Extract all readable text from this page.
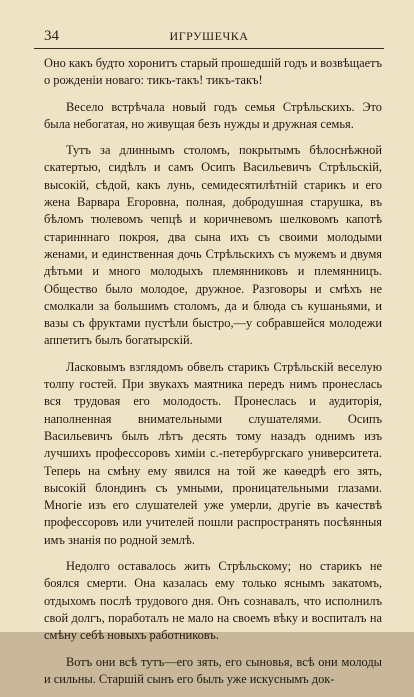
34	ИГРУШЕЧКА

Оно какъ будто хоронитъ старый прошедшій годъ и возвѣщаетъ о рожденіи новаго: тикъ-такъ! тикъ-такъ!

Весело встрѣчала новый годъ семья Стрѣльскихъ. Это была небогатая, но живущая безъ нужды и дружная семья.

Тутъ за длиннымъ столомъ, покрытымъ бѣлоснѣжной скатертью, сидѣлъ и самъ Осипъ Васильевичъ Стрѣльскій, высокій, сѣдой, какъ лунь, семидесятилѣтній старикъ и его жена Варвара Егоровна, полная, добродушная старушка, въ бѣломъ тюлевомъ чепцѣ и коричневомъ шелковомъ капотѣ старинннаго покроя, два сына ихъ съ своими молодыми женами, и единственная дочь Стрѣльскихъ съ мужемъ и двумя дѣтьми и много молодыхъ племянниковъ и племянницъ. Общество было молодое, дружное. Разговоры и смѣхъ не смолкали за большимъ столомъ, да и блюда съ кушаньями, и вазы съ фруктами пустѣли быстро,—у собравшейся молодежи аппетитъ былъ богатырскій.

Ласковымъ взглядомъ обвелъ старикъ Стрѣльскій веселую толпу гостей. При звукахъ маятника передъ нимъ пронеслась вся трудовая его молодость. Пронеслась и аудиторія, наполненная внимательными слушателями. Осипъ Васильевичъ былъ лѣтъ десять тому назадъ однимъ изъ лучшихъ профессоровъ химіи с.-петербургскаго университета. Теперь на смѣну ему явился на той же каѳедрѣ его зять, высокій блондинъ съ умными, проницательными глазами. Многіе изъ его слушателей уже умерли, другіе въ качествѣ профессоровъ или учителей пошли распространять посѣянныя имъ знанія по родной землѣ.

Недолго оставалось жить Стрѣльскому; но старикъ не боялся смерти. Она казалась ему только яснымъ закатомъ, отдыхомъ послѣ трудового дня. Онъ сознавалъ, что исполнилъ свой долгъ, поработалъ не мало на своемъ вѣку и воспиталъ на смѣну себѣ новыхъ работниковъ.

Вотъ они всѣ тутъ—его зять, его сыновья, всѣ они молоды и сильны. Старшій сынъ его былъ уже искуснымъ док-
